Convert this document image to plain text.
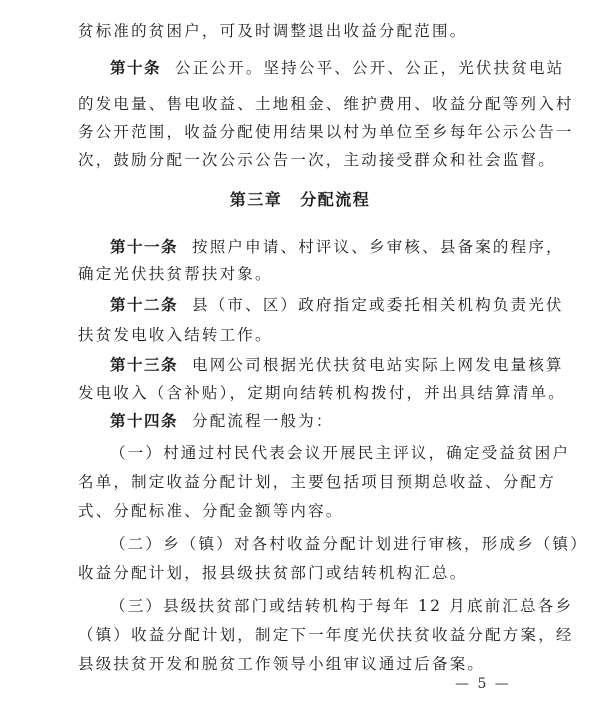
贫标准的贫困户，可及时调整退出收益分配范围。
第十条 公正公开。坚持公平、公开、公正，光伏扶贫电站
的发电量、售电收益、土地租金、维护费用、收益分配等列入村
务公开范围，收益分配使用结果以村为单位至乡每年公示公告一
次，鼓励分配一次公示公告一次，主动接受群众和社会监督。
第三章 分配流程
第十一条 按照户申请、村评议、乡审核、县备案的程序，
确定光伏扶贫帮扶对象。
第十二条 县（市、区）政府指定或委托相关机构负责光伏
扶贫发电收入结转工作。
第十三条 电网公司根据光伏扶贫电站实际上网发电量核算
发电收入（含补贴），定期向结转机构拨付，并出具结算清单。
第十四条 分配流程一般为：
（一）村通过村民代表会议开展民主评议，确定受益贫困户
名单，制定收益分配计划，主要包括项目预期总收益、分配方
式、分配标准、分配金额等内容。
（二）乡（镇）对各村收益分配计划进行审核，形成乡（镇）
收益分配计划，报县级扶贫部门或结转机构汇总。
（三）县级扶贫部门或结转机构于每年 12 月底前汇总各乡
（镇）收益分配计划，制定下一年度光伏扶贫收益分配方案，经
县级扶贫开发和脱贫工作领导小组审议通过后备案。
— 5 —
